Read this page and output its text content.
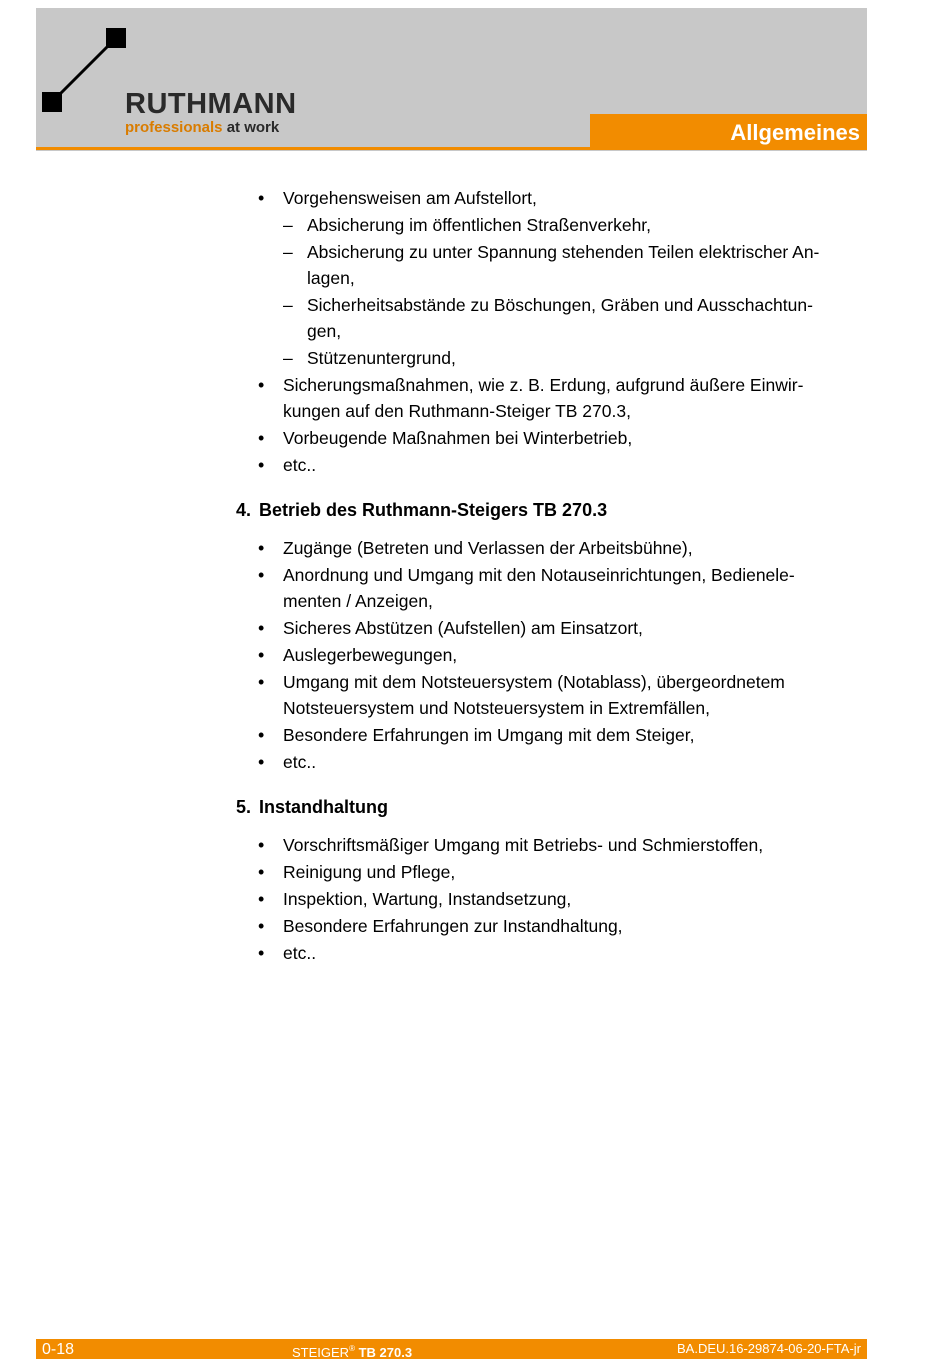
RUTHMANN
professionals at work	Allgemeines
• Vorgehensweisen am Aufstellort,
– Absicherung im öffentlichen Straßenverkehr,
– Absicherung zu unter Spannung stehenden Teilen elektrischer An-
lagen,
– Sicherheitsabstände zu Böschungen, Gräben und Ausschachtun-
gen,
– Stützenuntergrund,
• Sicherungsmaßnahmen, wie z. B. Erdung, aufgrund äußere Einwir-
kungen auf den Ruthmann-Steiger TB 270.3,
• Vorbeugende Maßnahmen bei Winterbetrieb,
• etc..
4. Betrieb des Ruthmann-Steigers TB 270.3
• Zugänge (Betreten und Verlassen der Arbeitsbühne),
• Anordnung und Umgang mit den Notauseinrichtungen, Bedienele-
menten / Anzeigen,
• Sicheres Abstützen (Aufstellen) am Einsatzort,
• Auslegerbewegungen,
• Umgang mit dem Notsteuersystem (Notablass), übergeordnetem
Notsteuersystem und Notsteuersystem in Extremfällen,
• Besondere Erfahrungen im Umgang mit dem Steiger,
• etc..
5. Instandhaltung
• Vorschriftsmäßiger Umgang mit Betriebs- und Schmierstoffen,
• Reinigung und Pflege,
• Inspektion, Wartung, Instandsetzung,
• Besondere Erfahrungen zur Instandhaltung,
• etc..
0-18	STEIGER® TB 270.3	BA.DEU.16-29874-06-20-FTA-jr
